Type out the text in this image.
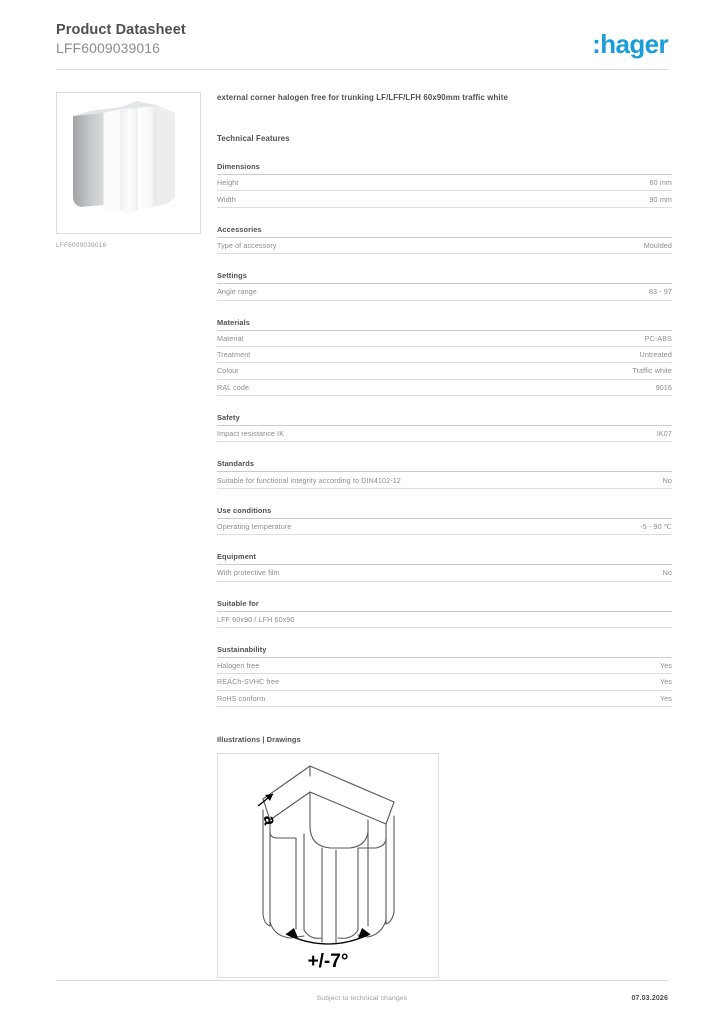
Product Datasheet
LFF6009039016	:hager
LFF6009039016
external corner halogen free for trunking LF/LFF/LFH 60x90mm traffic white
Technical Features
Dimensions
Height	60 mm
Width	90 mm
Accessories
Type of accessory	Moulded
Settings
Angle range	83 - 97
Materials
Material	PC-ABS
Treatment	Untreated
Colour	Traffic white
RAL code	9016
Safety
Impact resistance IK	IK07
Standards
Suitable for functional integrity according to DIN4102-12	No
Use conditions
Operating temperature	-5 - 90 ℃
Equipment
With protective film	No
Suitable for
LFF 60x90 / LFH 60x90
Sustainability
Halogen free	Yes
REACh-SVHC free	Yes
RoHS conform	Yes
Illustrations | Drawings
a
+/-7°
Subject to technical changes	07.03.2026
